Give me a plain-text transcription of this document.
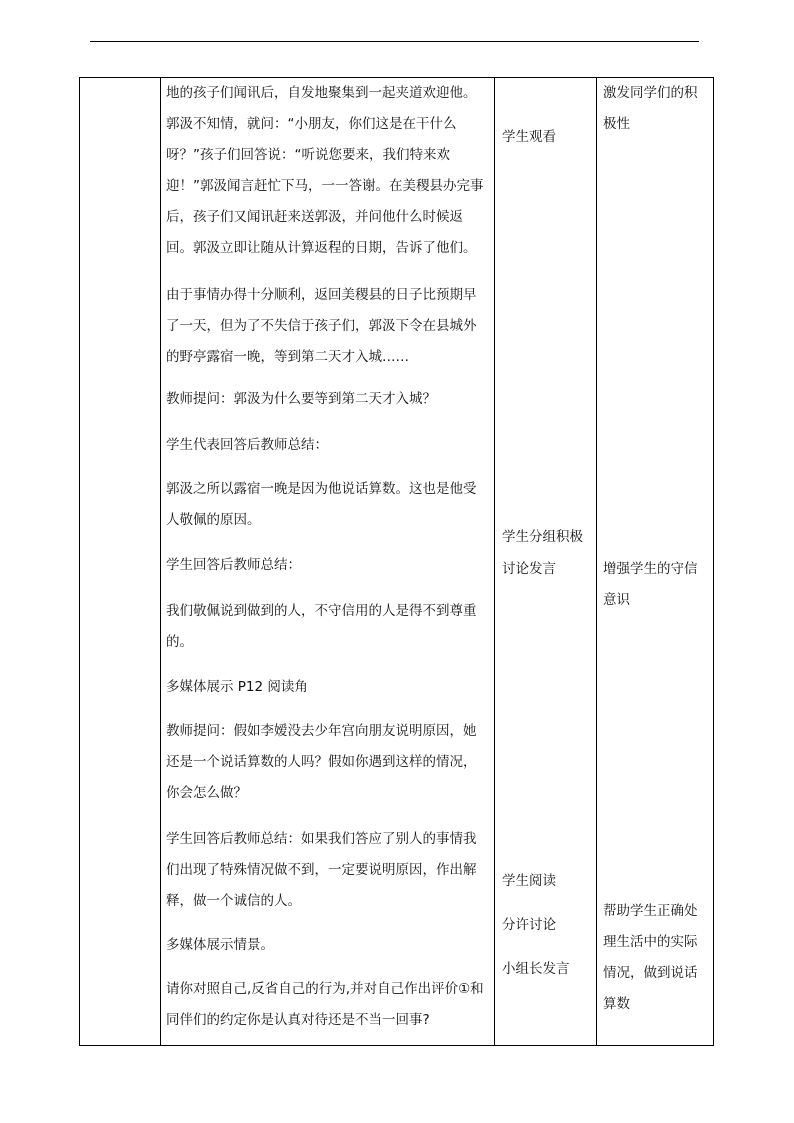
地的孩子们闻讯后，自发地聚集到一起夹道欢迎他。郭汲不知情，就问：“小朋友，你们这是在干什么呀？”孩子们回答说：“听说您要来，我们特来欢迎！”郭汲闻言赶忙下马，一一答谢。在美稷县办完事后，孩子们又闻讯赶来送郭汲，并问他什么时候返回。郭汲立即让随从计算返程的日期，告诉了他们。

由于事情办得十分顺利，返回美稷县的日子比预期早了一天，但为了不失信于孩子们，郭汲下令在县城外的野亭露宿一晚，等到第二天才入城……

教师提问：郭汲为什么要等到第二天才入城？

学生代表回答后教师总结：

郭汲之所以露宿一晚是因为他说话算数。这也是他受人敬佩的原因。

学生回答后教师总结：

我们敬佩说到做到的人，不守信用的人是得不到尊重的。

多媒体展示 P12 阅读角

教师提问：假如李嫒没去少年宫向朋友说明原因，她还是一个说话算数的人吗？假如你遇到这样的情况，你会怎么做？

学生回答后教师总结：如果我们答应了别人的事情我们出现了特殊情况做不到，一定要说明原因，作出解释，做一个诚信的人。

多媒体展示情景。

请你对照自己,反省自己的行为,并对自己作出评价①和同伴们的约定你是认真对待还是不当一回事?

学生观看
学生分组积极
讨论发言
学生阅读
分许讨论
小组长发言
激发同学们的积极性
增强学生的守信意识
帮助学生正确处理生活中的实际情况，做到说话算数
